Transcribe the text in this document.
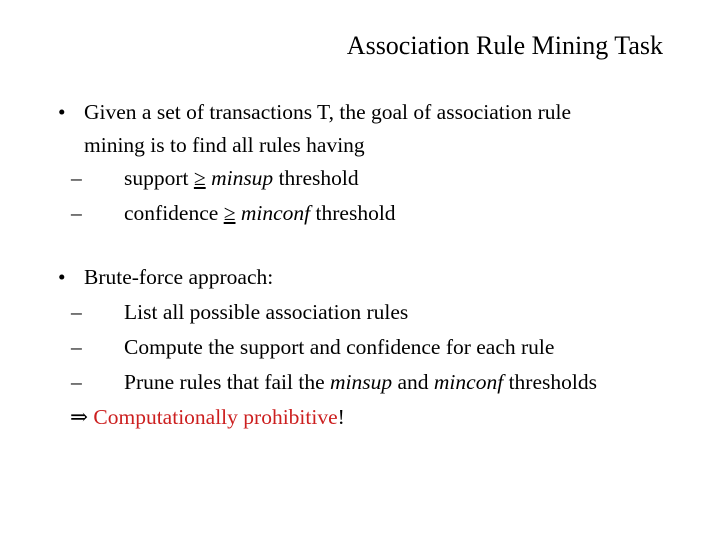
Association Rule Mining Task
• Given a set of transactions T, the goal of association rule
mining is to find all rules having
– support ≥ minsup threshold
– confidence ≥ minconf threshold
• Brute-force approach:
– List all possible association rules
– Compute the support and confidence for each rule
– Prune rules that fail the minsup and minconf thresholds
⇒ Computationally prohibitive!
